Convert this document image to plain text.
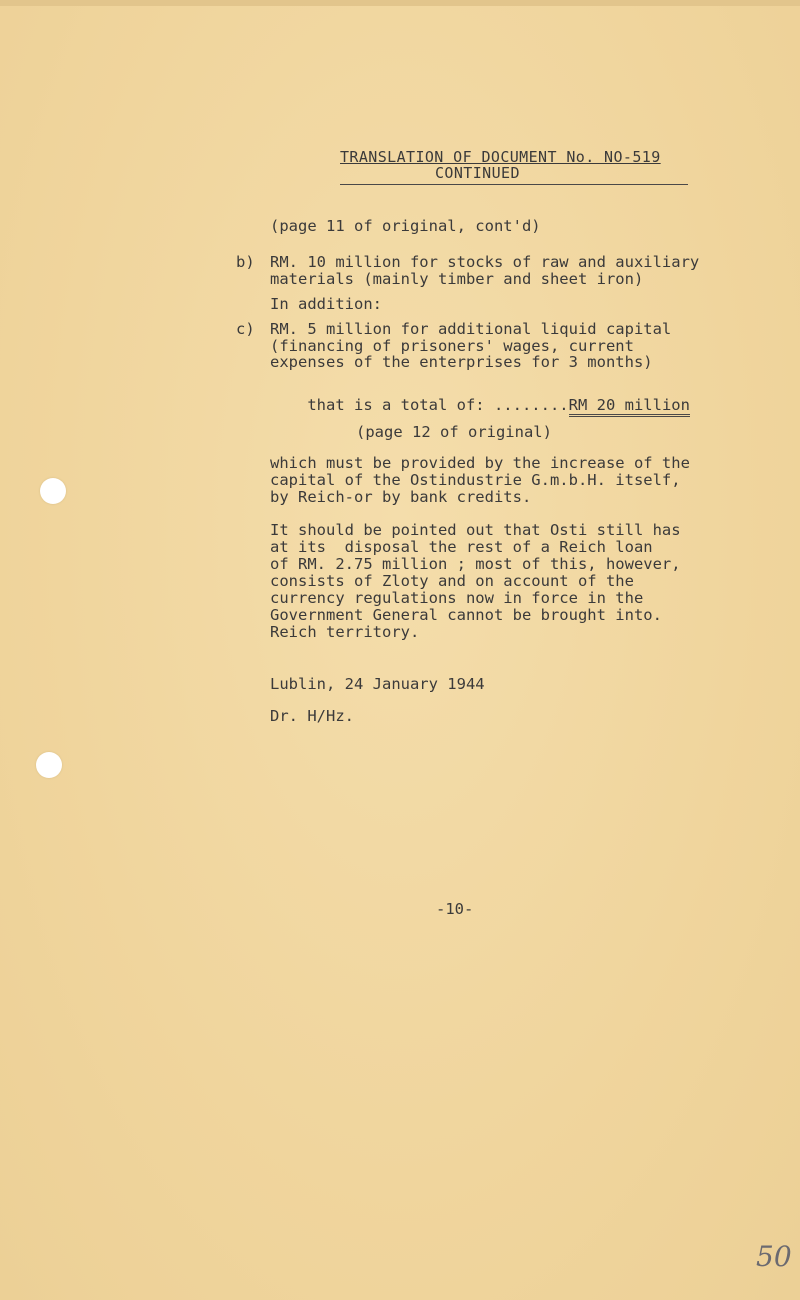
TRANSLATION OF DOCUMENT No. NO-519
CONTINUED
(page 11 of original, cont'd)
b) RM. 10 million for stocks of raw and auxiliary
materials (mainly timber and sheet iron)
In addition:
c) RM. 5 million for additional liquid capital
(financing of prisoners' wages, current
expenses of the enterprises for 3 months)

that is a total of: ........RM 20 million

(page 12 of original)
which must be provided by the increase of the
capital of the Ostindustrie G.m.b.H. itself,
by Reich-or by bank credits.
It should be pointed out that Osti still has
at its  disposal the rest of a Reich loan
of RM. 2.75 million ; most of this, however,
consists of Zloty and on account of the
currency regulations now in force in the
Government General cannot be brought into.
Reich territory.
Lublin, 24 January 1944
Dr. H/Hz.
-10-
50
